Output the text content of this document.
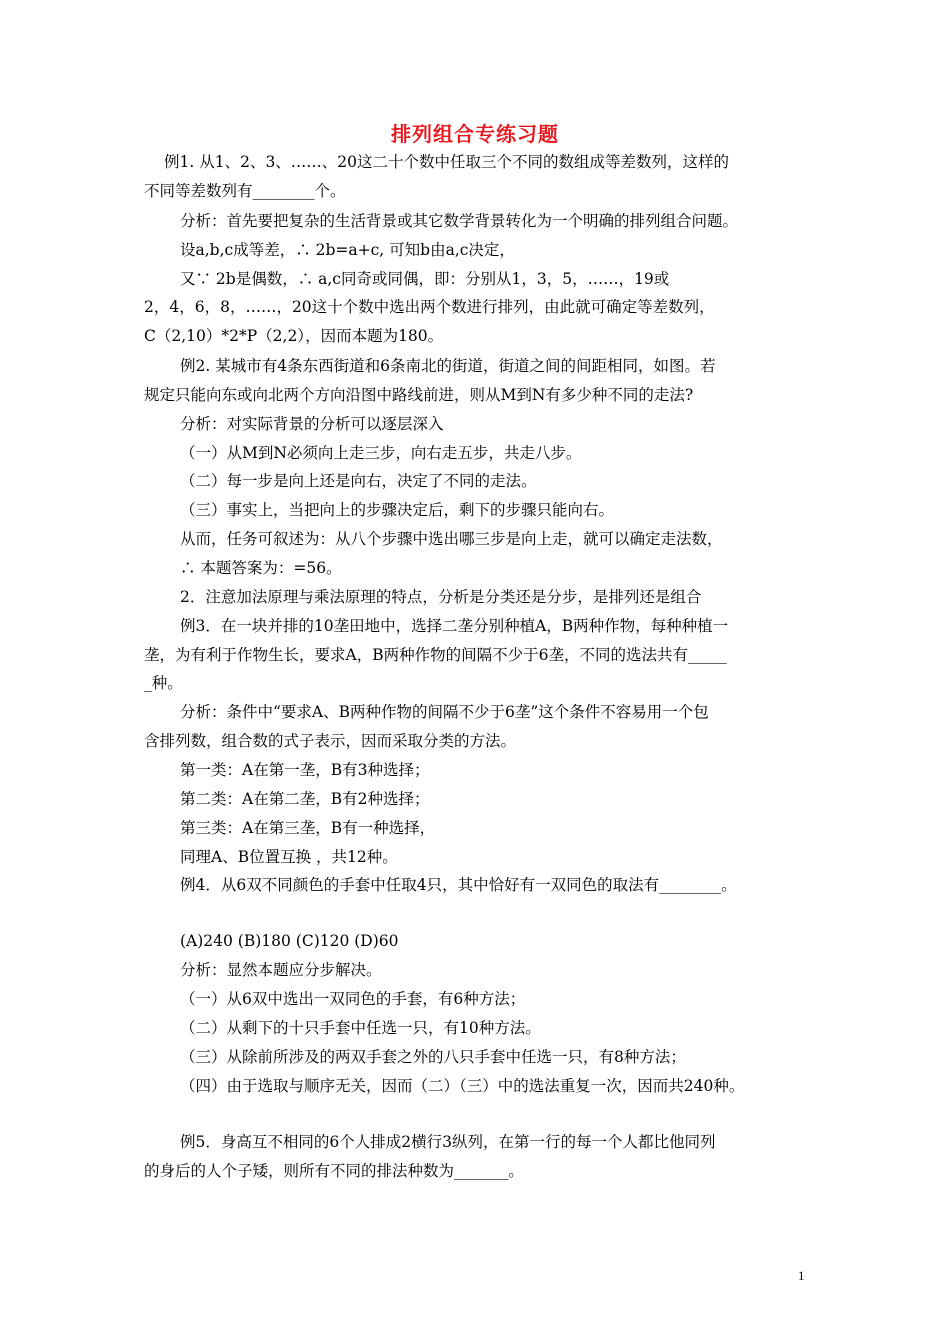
排列组合专练习题
例1. 从1、2、3、……、20这二十个数中任取三个不同的数组成等差数列，这样的
不同等差数列有________个。
分析：首先要把复杂的生活背景或其它数学背景转化为一个明确的排列组合问题。
设a,b,c成等差，∴ 2b=a+c, 可知b由a,c决定，
又∵ 2b是偶数，∴ a,c同奇或同偶，即：分别从1，3，5，……，19或
2，4，6，8，……，20这十个数中选出两个数进行排列，由此就可确定等差数列，
C（2,10）*2*P（2,2），因而本题为180。
例2. 某城市有4条东西街道和6条南北的街道，街道之间的间距相同，如图。若
规定只能向东或向北两个方向沿图中路线前进，则从M到N有多少种不同的走法?
分析：对实际背景的分析可以逐层深入
（一）从M到N必须向上走三步，向右走五步，共走八步。
（二）每一步是向上还是向右，决定了不同的走法。
（三）事实上，当把向上的步骤决定后，剩下的步骤只能向右。
从而，任务可叙述为：从八个步骤中选出哪三步是向上走，就可以确定走法数，
∴ 本题答案为：=56。
2．注意加法原理与乘法原理的特点，分析是分类还是分步，是排列还是组合
例3．在一块并排的10垄田地中，选择二垄分别种植A，B两种作物，每种种植一
垄，为有利于作物生长，要求A，B两种作物的间隔不少于6垄，不同的选法共有_____
_种。
分析：条件中“要求A、B两种作物的间隔不少于6垄”这个条件不容易用一个包
含排列数，组合数的式子表示，因而采取分类的方法。
第一类：A在第一垄，B有3种选择；
第二类：A在第二垄，B有2种选择；
第三类：A在第三垄，B有一种选择，
同理A、B位置互换 ，共12种。
例4．从6双不同颜色的手套中任取4只，其中恰好有一双同色的取法有________。
(A)240 (B)180 (C)120 (D)60
分析：显然本题应分步解决。
（一）从6双中选出一双同色的手套，有6种方法；
（二）从剩下的十只手套中任选一只，有10种方法。
（三）从除前所涉及的两双手套之外的八只手套中任选一只，有8种方法；
（四）由于选取与顺序无关，因而（二）（三）中的选法重复一次，因而共240种。
例5．身高互不相同的6个人排成2横行3纵列，在第一行的每一个人都比他同列
的身后的人个子矮，则所有不同的排法种数为_______。
1
